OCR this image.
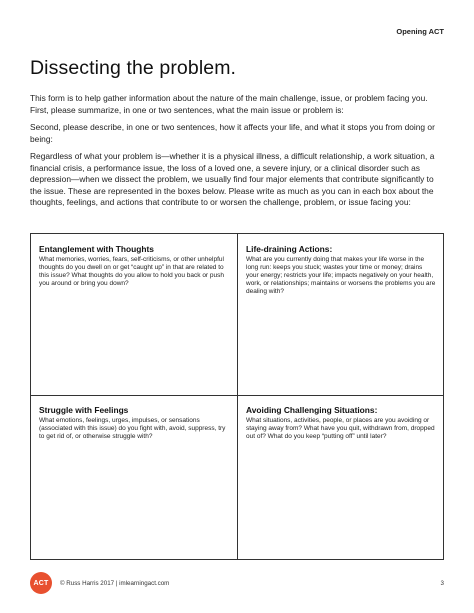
Opening ACT
Dissecting the problem.

This form is to help gather information about the nature of the main challenge, issue, or problem facing you. First, please summarize, in one or two sentences, what the main issue or problem is:

Second, please describe, in one or two sentences, how it affects your life, and what it stops you from doing or being:

Regardless of what your problem is—whether it is a physical illness, a difficult relationship, a work situation, a financial crisis, a performance issue, the loss of a loved one, a severe injury, or a clinical disorder such as depression—when we dissect the problem, we usually find four major elements that contribute significantly to the issue. These are represented in the boxes below. Please write as much as you can in each box about the thoughts, feelings, and actions that contribute to or worsen the challenge, problem, or issue facing you:

Entanglement with Thoughts

What memories, worries, fears, self-criticisms, or other unhelpful thoughts do you dwell on or get “caught up” in that are related to this issue? What thoughts do you allow to hold you back or push you around or bring you down?

Life-draining Actions:

What are you currently doing that makes your life worse in the long run: keeps you stuck; wastes your time or money; drains your energy; restricts your life; impacts negatively on your health, work, or relationships; maintains or worsens the problems you are dealing with?

Struggle with Feelings

What emotions, feelings, urges, impulses, or sensations (associated with this issue) do you fight with, avoid, suppress, try to get rid of, or otherwise struggle with?

Avoiding Challenging Situations:

What situations, activities, people, or places are you avoiding or staying away from? What have you quit, withdrawn from, dropped out of? What do you keep “putting off” until later?

ACT	© Russ Harris 2017 | imlearningact.com	3
